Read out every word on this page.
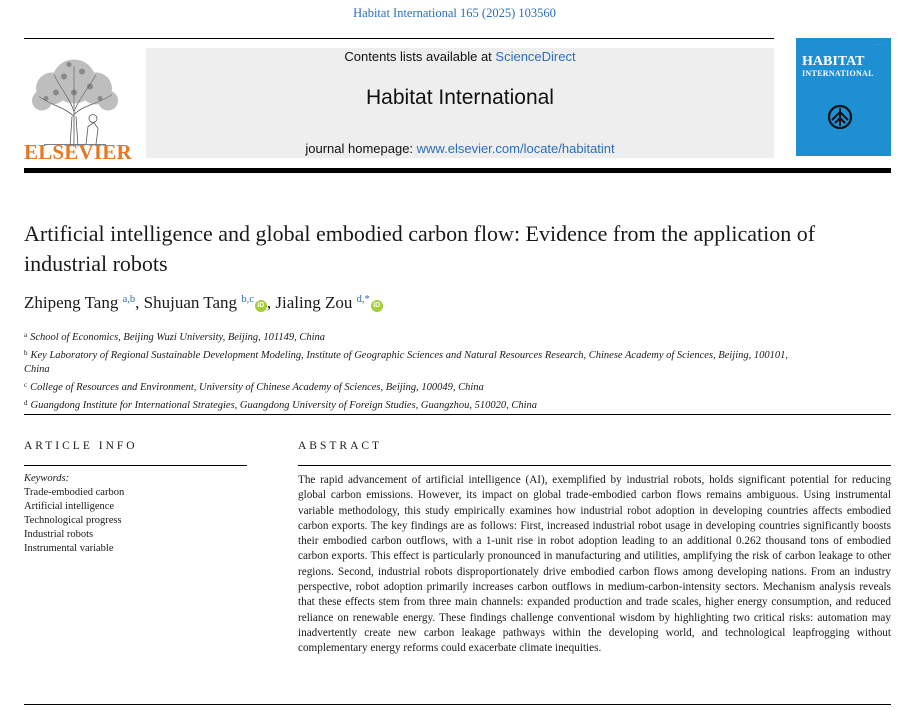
Habitat International 165 (2025) 103560
ELSEVIER
Contents lists available at ScienceDirect
Habitat International
journal homepage: www.elsevier.com/locate/habitatint
· · · · ·
HABITAT
INTERNATIONAL
Artificial intelligence and global embodied carbon flow: Evidence from the application of industrial robots
Zhipeng Tang $^{a,b}$, Shujuan Tang $^{b,c}$iD , Jialing Zou $^{d,*}$iD
$^a$ School of Economics, Beijing Wuzi University, Beijing, 101149, China
$^b$ Key Laboratory of Regional Sustainable Development Modeling, Institute of Geographic Sciences and Natural Resources Research, Chinese Academy of Sciences, Beijing, 100101, China
$^c$ College of Resources and Environment, University of Chinese Academy of Sciences, Beijing, 100049, China
$^d$ Guangdong Institute for International Strategies, Guangdong University of Foreign Studies, Guangzhou, 510020, China
ARTICLE INFO	ABSTRACT
Keywords:
Trade-embodied carbon
Artificial intelligence
Technological progress
Industrial robots
Instrumental variable
The rapid advancement of artificial intelligence (AI), exemplified by industrial robots, holds significant potential for reducing global carbon emissions. However, its impact on global trade-embodied carbon flows remains ambiguous. Using instrumental variable methodology, this study empirically examines how industrial robot adoption in developing countries affects embodied carbon exports. The key findings are as follows: First, increased industrial robot usage in developing countries significantly boosts their embodied carbon outflows, with a 1-unit rise in robot adoption leading to an additional 0.262 thousand tons of embodied carbon exports. This effect is particularly pronounced in manufacturing and utilities, amplifying the risk of carbon leakage to other regions. Second, industrial robots disproportionately drive embodied carbon flows among developing nations. From an industry perspective, robot adoption primarily increases carbon outflows in medium-carbon-intensity sectors. Mechanism analysis reveals that these effects stem from three main channels: expanded production and trade scales, higher energy consumption, and reduced reliance on renewable energy. These findings challenge conventional wisdom by highlighting two critical risks: automation may inadvertently create new carbon leakage pathways within the developing world, and technological leapfrogging without complementary energy reforms could exacerbate climate inequities.
